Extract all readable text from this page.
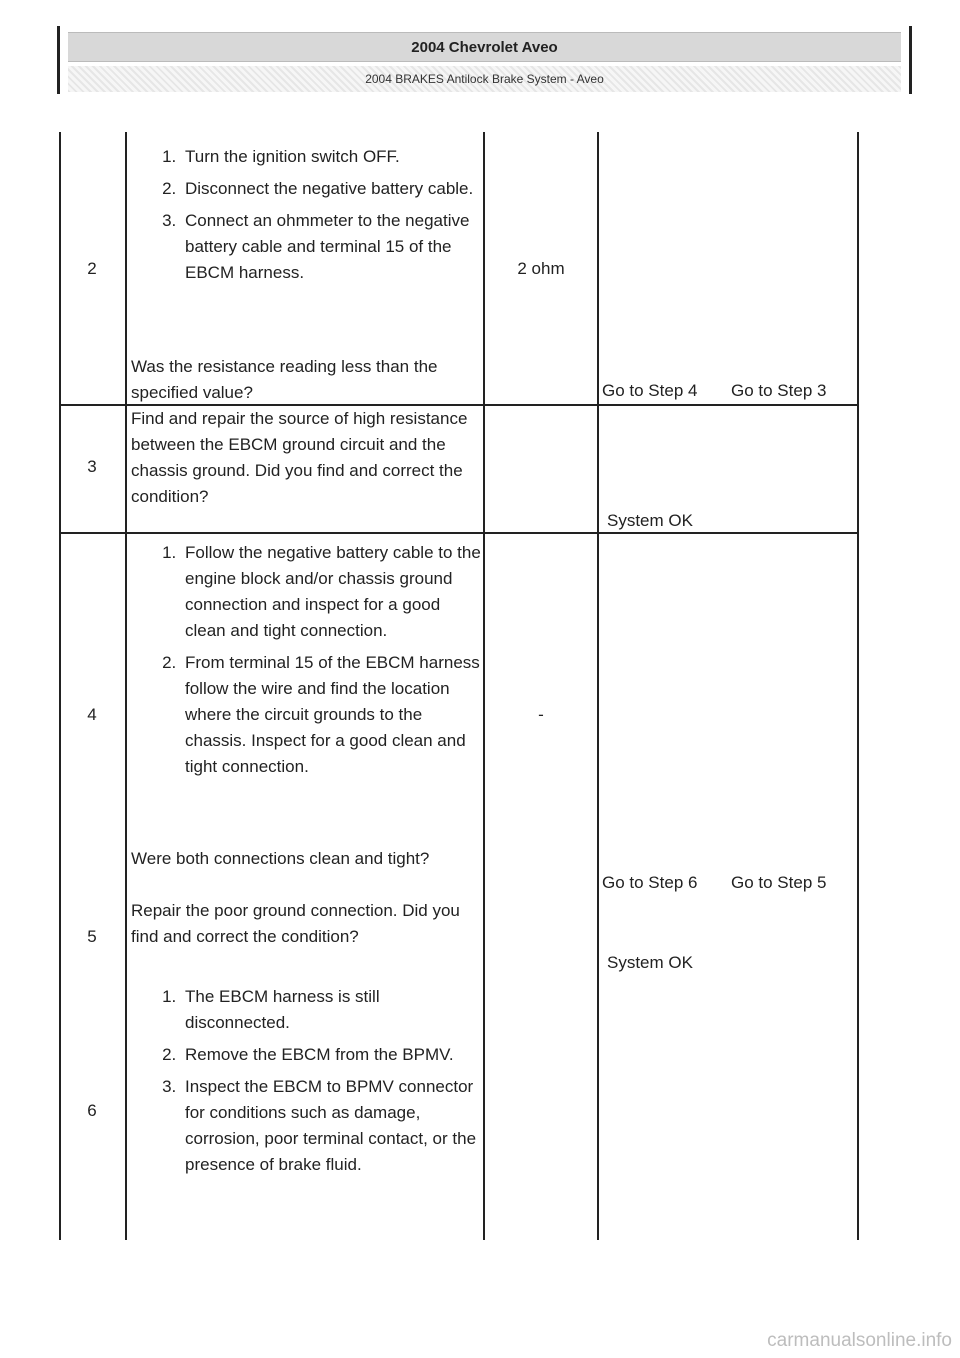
2004 Chevrolet Aveo
2004 BRAKES Antilock Brake System - Aveo
2
1. Turn the ignition switch OFF.
2. Disconnect the negative battery cable.
3. Connect an ohmmeter to the negative battery cable and terminal 15 of the EBCM harness.
Was the resistance reading less than the specified value?
2 ohm
Go to Step 4 Go to Step 3
3
Find and repair the source of high resistance between the EBCM ground circuit and the chassis ground. Did you find and correct the condition?
System OK
4
1. Follow the negative battery cable to the engine block and/or chassis ground connection and inspect for a good clean and tight connection.
2. From terminal 15 of the EBCM harness follow the wire and find the location where the circuit grounds to the chassis. Inspect for a good clean and tight connection.
Were both connections clean and tight?
-
Go to Step 6 Go to Step 5
5
Repair the poor ground connection. Did you find and correct the condition?
System OK
6
1. The EBCM harness is still disconnected.
2. Remove the EBCM from the BPMV.
3. Inspect the EBCM to BPMV connector for conditions such as damage, corrosion, poor terminal contact, or the presence of brake fluid.
carmanualsonline.info
